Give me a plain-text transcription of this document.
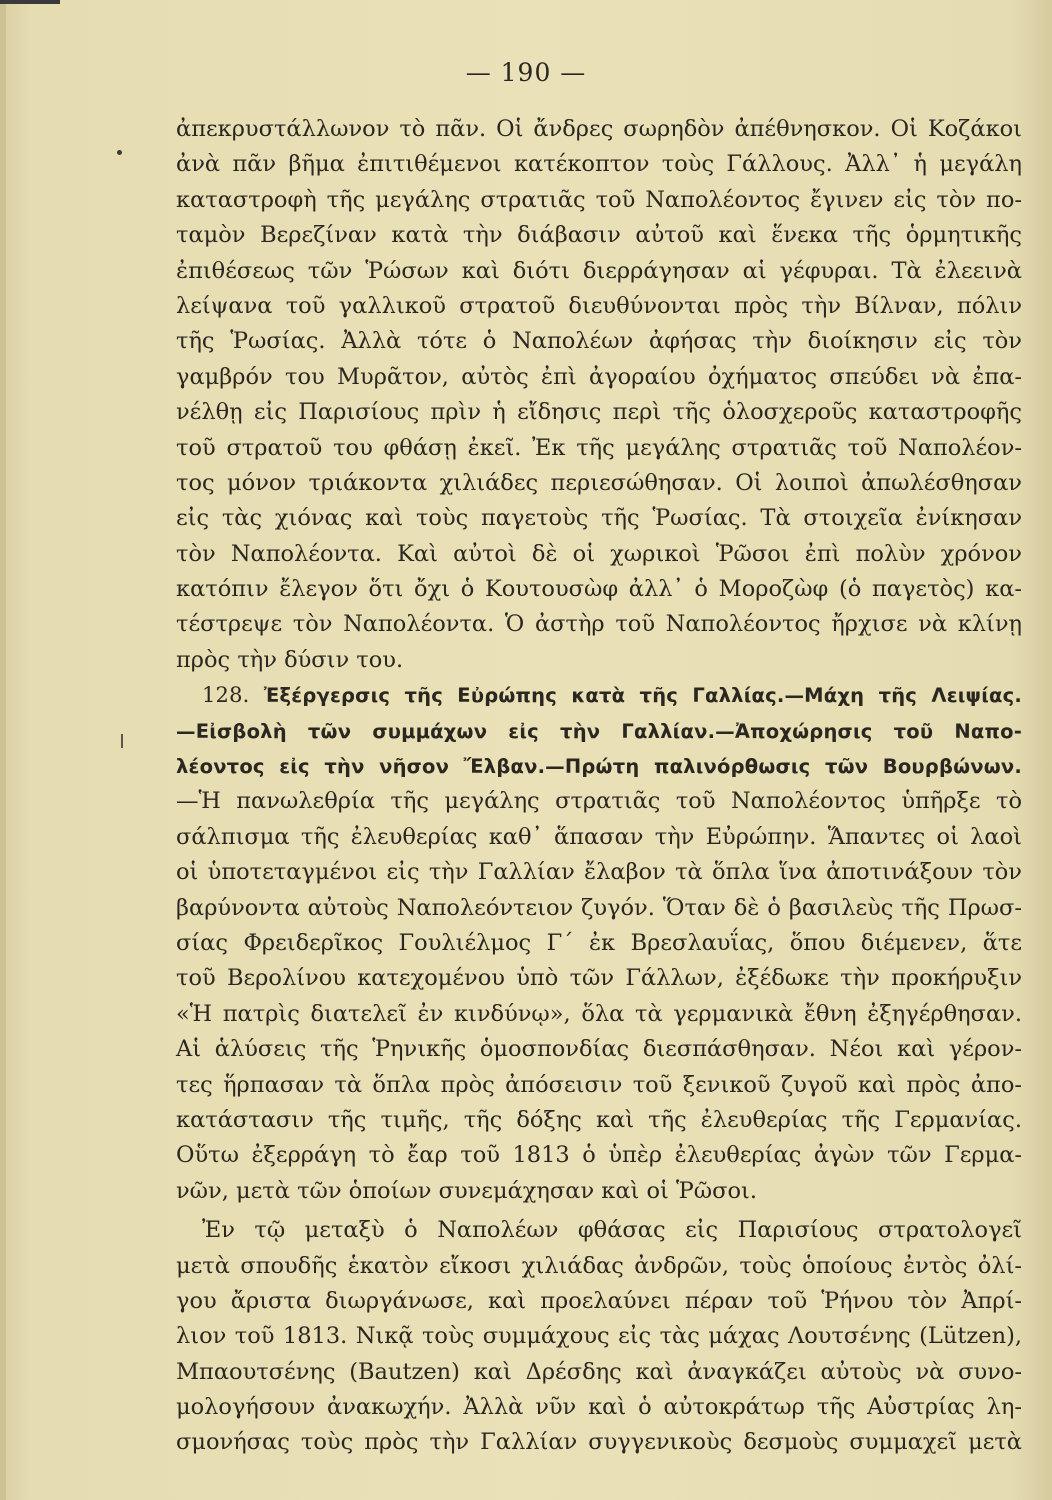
— 190 —
ἀπεκρυστάλλωνον τὸ πᾶν. Οἱ ἄνδρες σωρηδὸν ἀπέθνησκον. Οἱ Κοζάκοι
ἀνὰ πᾶν βῆμα ἐπιτιθέμενοι κατέκοπτον τοὺς Γάλλους. Ἀλλ᾽ ἡ μεγάλη
καταστροφὴ τῆς μεγάλης στρατιᾶς τοῦ Ναπολέοντος ἔγινεν εἰς τὸν πο-
ταμὸν Βερεζίναν κατὰ τὴν διάβασιν αὐτοῦ καὶ ἕνεκα τῆς ὁρμητικῆς
ἐπιθέσεως τῶν Ῥώσων καὶ διότι διερράγησαν αἱ γέφυραι. Τὰ ἐλεεινὰ
λείψανα τοῦ γαλλικοῦ στρατοῦ διευθύνονται πρὸς τὴν Βίλναν, πόλιν
τῆς Ῥωσίας. Ἀλλὰ τότε ὁ Ναπολέων ἀφήσας τὴν διοίκησιν εἰς τὸν
γαμβρόν του Μυρᾶτον, αὐτὸς ἐπὶ ἀγοραίου ὀχήματος σπεύδει νὰ ἐπα-
νέλθῃ εἰς Παρισίους πρὶν ἡ εἴδησις περὶ τῆς ὁλοσχεροῦς καταστροφῆς
τοῦ στρατοῦ του φθάσῃ ἐκεῖ. Ἐκ τῆς μεγάλης στρατιᾶς τοῦ Ναπολέον-
τος μόνον τριάκοντα χιλιάδες περιεσώθησαν. Οἱ λοιποὶ ἀπωλέσθησαν
εἰς τὰς χιόνας καὶ τοὺς παγετοὺς τῆς Ῥωσίας. Τὰ στοιχεῖα ἐνίκησαν
τὸν Ναπολέοντα. Καὶ αὐτοὶ δὲ οἱ χωρικοὶ Ῥῶσοι ἐπὶ πολὺν χρόνον
κατόπιν ἔλεγον ὅτι ὄχι ὁ Κουτουσὼφ ἀλλ᾽ ὁ Μοροζὼφ (ὁ παγετὸς) κα-
τέστρεψε τὸν Ναπολέοντα. Ὁ ἀστὴρ τοῦ Ναπολέοντος ἤρχισε νὰ κλίνῃ
πρὸς τὴν δύσιν του.
128. Ἐξέργερσις τῆς Εὐρώπης κατὰ τῆς Γαλλίας.—Μάχη τῆς Λειψίας.
—Εἰσβολὴ τῶν συμμάχων εἰς τὴν Γαλλίαν.—Ἀποχώρησις τοῦ Ναπο-
λέοντος εἰς τὴν νῆσον Ἔλβαν.—Πρώτη παλινόρθωσις τῶν Βουρβώνων.
—Ἡ πανωλεθρία τῆς μεγάλης στρατιᾶς τοῦ Ναπολέοντος ὑπῆρξε τὸ
σάλπισμα τῆς ἐλευθερίας καθ᾽ ἅπασαν τὴν Εὐρώπην. Ἅπαντες οἱ λαοὶ
οἱ ὑποτεταγμένοι εἰς τὴν Γαλλίαν ἔλαβον τὰ ὅπλα ἵνα ἀποτινάξουν τὸν
βαρύνοντα αὐτοὺς Ναπολεόντειον ζυγόν. Ὅταν δὲ ὁ βασιλεὺς τῆς Πρωσ-
σίας Φρειδερῖκος Γουλιέλμος Γ´ ἐκ Βρεσλαυΐας, ὅπου διέμενεν, ἅτε
τοῦ Βερολίνου κατεχομένου ὑπὸ τῶν Γάλλων, ἐξέδωκε τὴν προκήρυξιν
«Ἡ πατρὶς διατελεῖ ἐν κινδύνῳ», ὅλα τὰ γερμανικὰ ἔθνη ἐξηγέρθησαν.
Αἱ ἁλύσεις τῆς Ῥηνικῆς ὁμοσπονδίας διεσπάσθησαν. Νέοι καὶ γέρον-
τες ἥρπασαν τὰ ὅπλα πρὸς ἀπόσεισιν τοῦ ξενικοῦ ζυγοῦ καὶ πρὸς ἀπο-
κατάστασιν τῆς τιμῆς, τῆς δόξης καὶ τῆς ἐλευθερίας τῆς Γερμανίας.
Οὕτω ἐξερράγη τὸ ἔαρ τοῦ 1813 ὁ ὑπὲρ ἐλευθερίας ἀγὼν τῶν Γερμα-
νῶν, μετὰ τῶν ὁποίων συνεμάχησαν καὶ οἱ Ῥῶσοι.
Ἐν τῷ μεταξὺ ὁ Ναπολέων φθάσας εἰς Παρισίους στρατολογεῖ
μετὰ σπουδῆς ἑκατὸν εἴκοσι χιλιάδας ἀνδρῶν, τοὺς ὁποίους ἐντὸς ὀλί-
γου ἄριστα διωργάνωσε, καὶ προελαύνει πέραν τοῦ Ῥήνου τὸν Ἀπρί-
λιον τοῦ 1813. Νικᾷ τοὺς συμμάχους εἰς τὰς μάχας Λουτσένης (Lützen),
Μπαουτσένης (Bautzen) καὶ Δρέσδης καὶ ἀναγκάζει αὐτοὺς νὰ συνο-
μολογήσουν ἀνακωχήν. Ἀλλὰ νῦν καὶ ὁ αὐτοκράτωρ τῆς Αὐστρίας λη-
σμονήσας τοὺς πρὸς τὴν Γαλλίαν συγγενικοὺς δεσμοὺς συμμαχεῖ μετὰ
